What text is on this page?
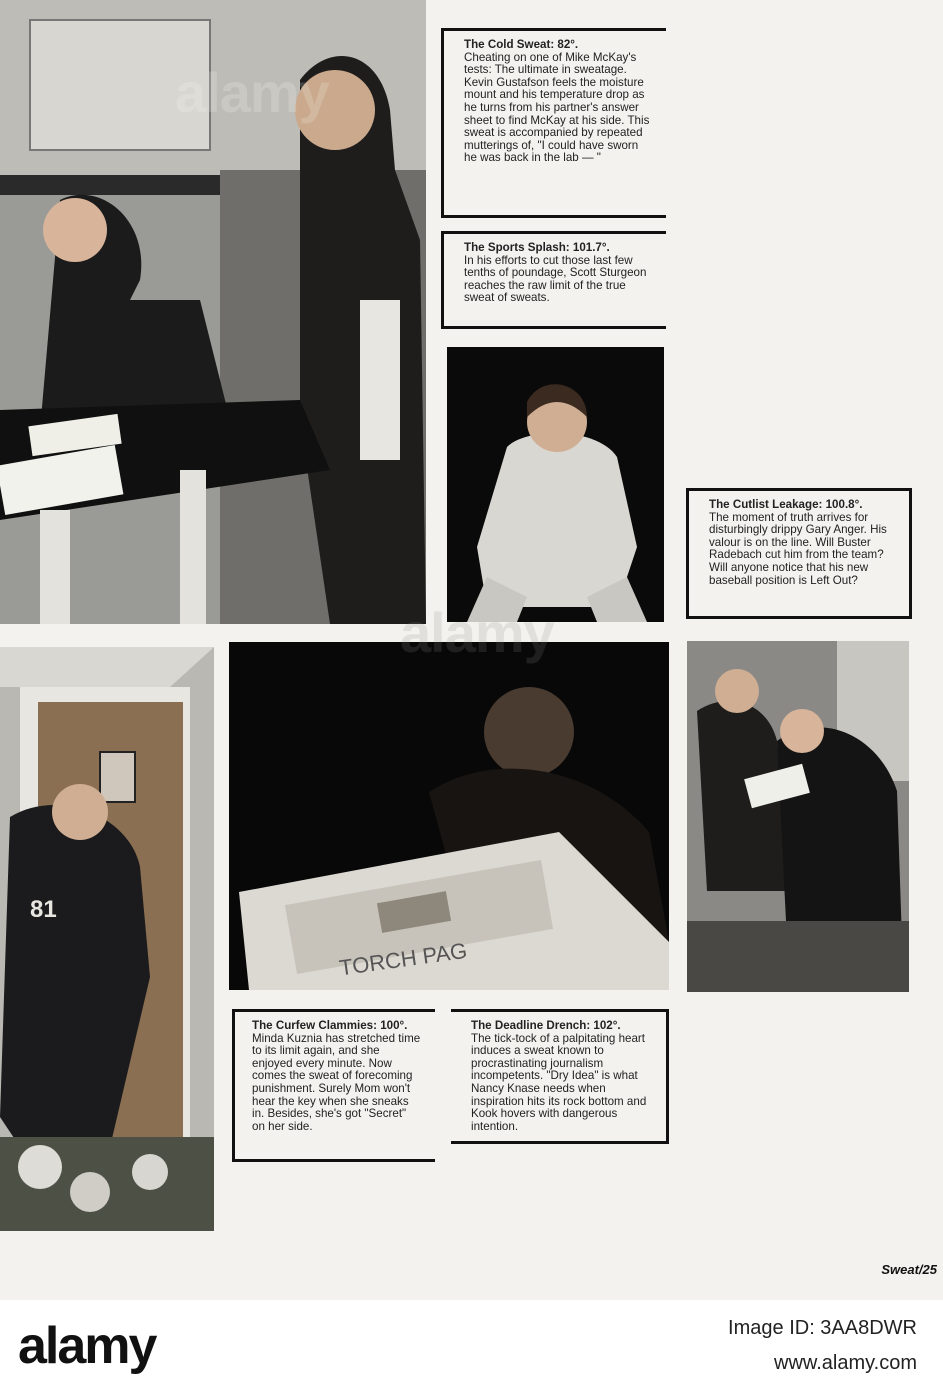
The Cold Sweat: 82°.
Cheating on one of Mike McKay's tests: The ultimate in sweatage. Kevin Gustafson feels the moisture mount and his temperature drop as he turns from his partner's answer sheet to find McKay at his side. This sweat is accompanied by repeated mutterings of, "I could have sworn he was back in the lab — "
The Sports Splash: 101.7°.
In his efforts to cut those last few tenths of poundage, Scott Sturgeon reaches the raw limit of the true sweat of sweats.
The Cutlist Leakage: 100.8°.
The moment of truth arrives for disturbingly drippy Gary Anger. His valour is on the line. Will Buster Radebach cut him from the team? Will anyone notice that his new baseball position is Left Out?
81
TORCH PAG
The Curfew Clammies: 100°.
Minda Kuznia has stretched time to its limit again, and she enjoyed every minute. Now comes the sweat of forecoming punishment. Surely Mom won't hear the key when she sneaks in. Besides, she's got "Secret" on her side.
The Deadline Drench: 102°.
The tick-tock of a palpitating heart induces a sweat known to procrastinating journalism incompetents. "Dry Idea" is what Nancy Knase needs when inspiration hits its rock bottom and Kook hovers with dangerous intention.
alamy
Sweat/25
alamy	Image ID: 3AA8DWR
www.alamy.com
